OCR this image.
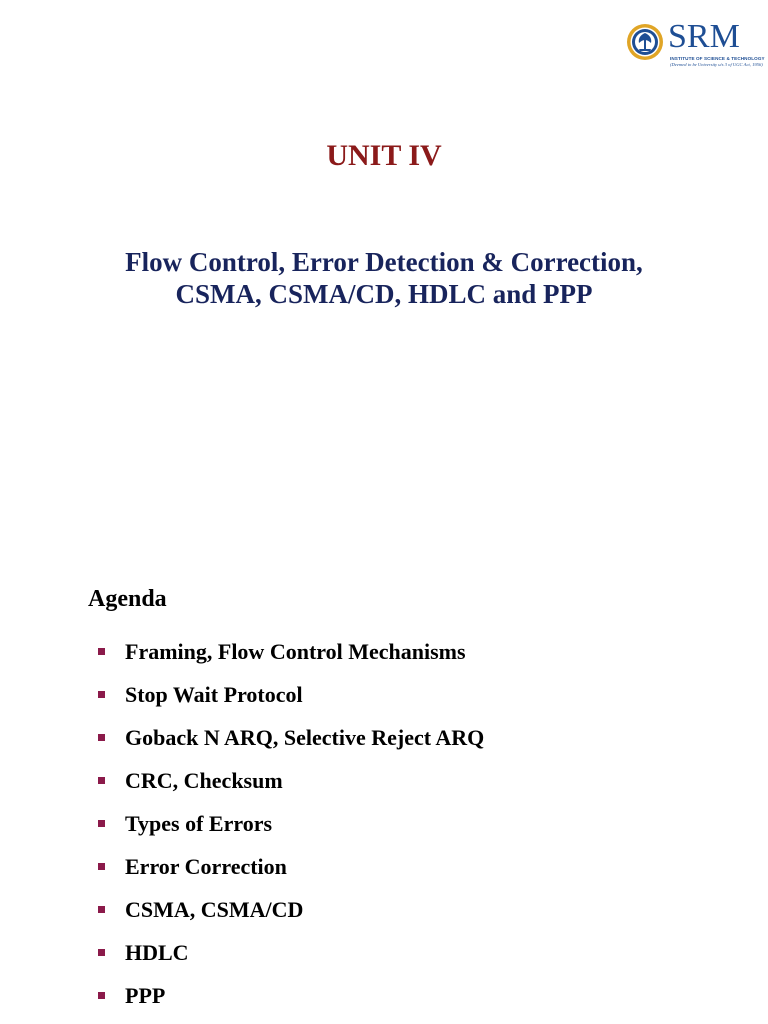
SRM
INSTITUTE OF SCIENCE & TECHNOLOGY
(Deemed to be University u/s 3 of UGC Act, 1956)
UNIT IV
Flow Control, Error Detection & Correction,
CSMA, CSMA/CD, HDLC and PPP
Agenda
Framing, Flow Control Mechanisms
Stop Wait Protocol
Goback N ARQ, Selective Reject ARQ
CRC, Checksum
Types of Errors
Error Correction
CSMA, CSMA/CD
HDLC
PPP
